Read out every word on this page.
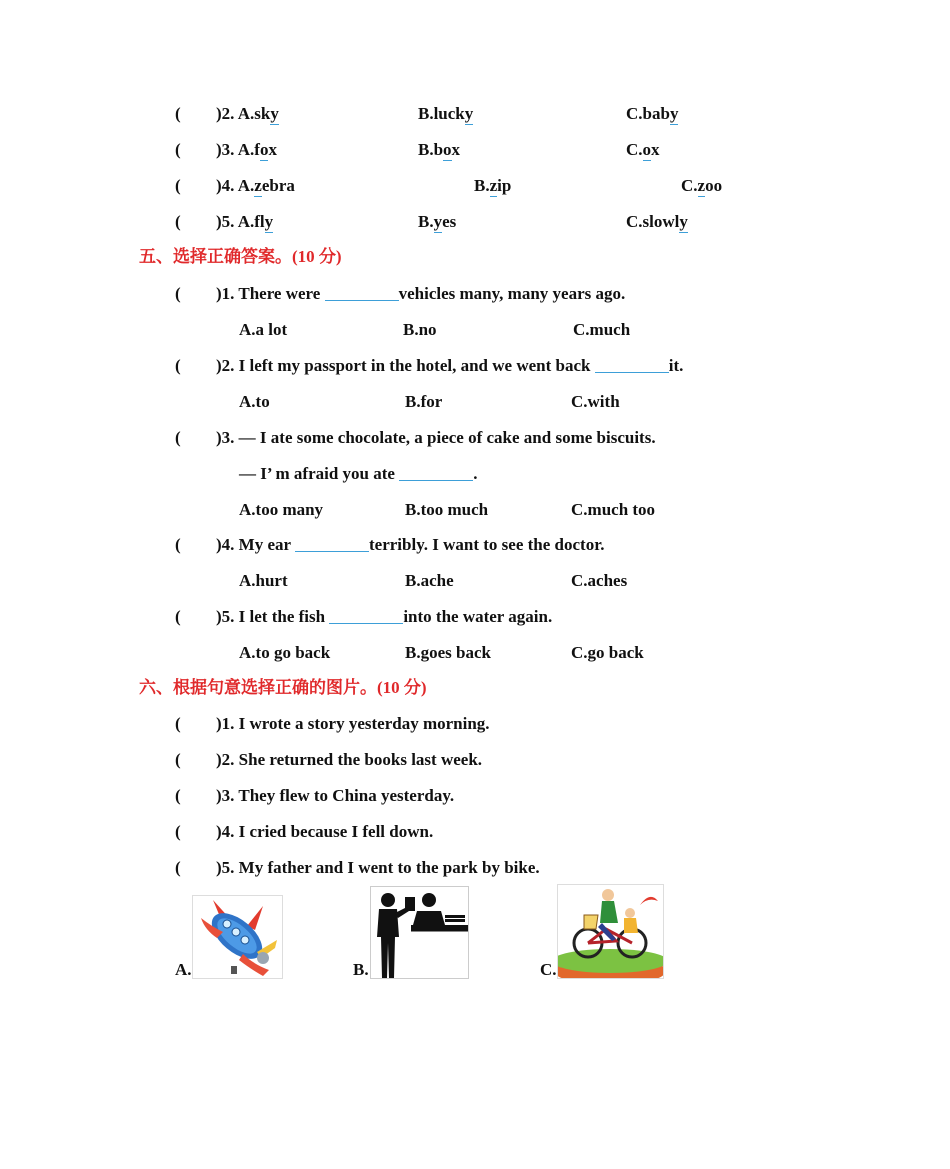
( )2. A.sky	B.lucky	C.baby
( )3. A.fox	B.box	C.ox
( )4. A.zebra	B.zip	C.zoo
( )5. A.fly	B.yes	C.slowly
五、选择正确答案。(10 分)
( )1. There were	vehicles many, many years ago.
A.a lot	B.no	C.much
( )2. I left my passport in the hotel, and we went back	it.
A.to	B.for	C.with
( )3. — I ate some chocolate, a piece of cake and some biscuits.
— I’ m afraid you ate	.
A.too many	B.too much	C.much too
( )4. My ear	terribly. I want to see the doctor.
A.hurt	B.ache	C.aches
( )5. I let the fish	into the water again.
A.to go back	B.goes back	C.go back
六、根据句意选择正确的图片。(10 分)
( )1. I wrote a story yesterday morning.
( )2. She returned the books last week.
( )3. They flew to China yesterday.
( )4. I cried because I fell down.
( )5. My father and I went to the park by bike.
A.	B.	C.
